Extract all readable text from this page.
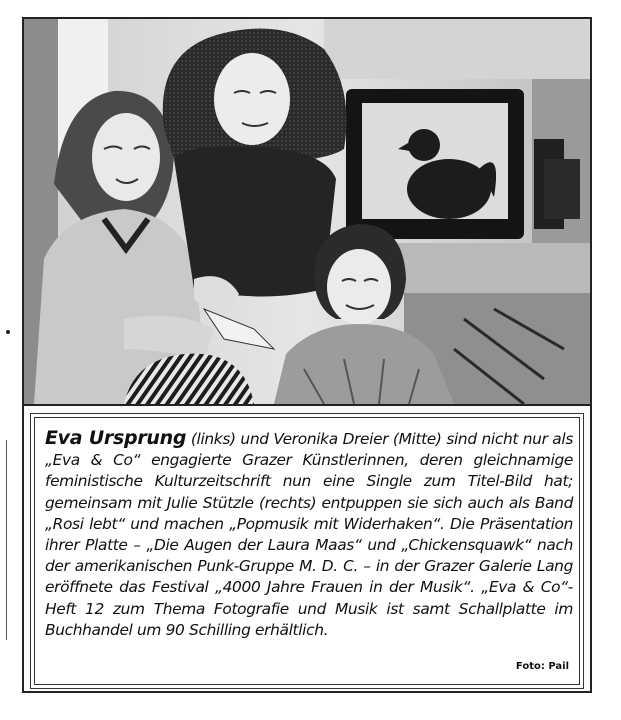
Eva Ursprung (links) und Veronika Dreier (Mitte) sind nicht nur als „Eva & Co“ engagierte Grazer Künstlerinnen, deren gleichnamige feministische Kulturzeitschrift nun eine Single zum Titel-Bild hat; gemeinsam mit Julie Stützle (rechts) entpuppen sie sich auch als Band „Rosi lebt“ und machen „Popmusik mit Widerhaken“. Die Präsentation ihrer Platte – „Die Augen der Laura Maas“ und „Chickensquawk“ nach der amerikanischen Punk-Gruppe M. D. C. – in der Grazer Galerie Lang eröffnete das Festival „4000 Jahre Frauen in der Musik“. „Eva & Co“-Heft 12 zum Thema Fotografie und Musik ist samt Schallplatte im Buchhandel um 90 Schilling erhältlich.

Foto: Pail
